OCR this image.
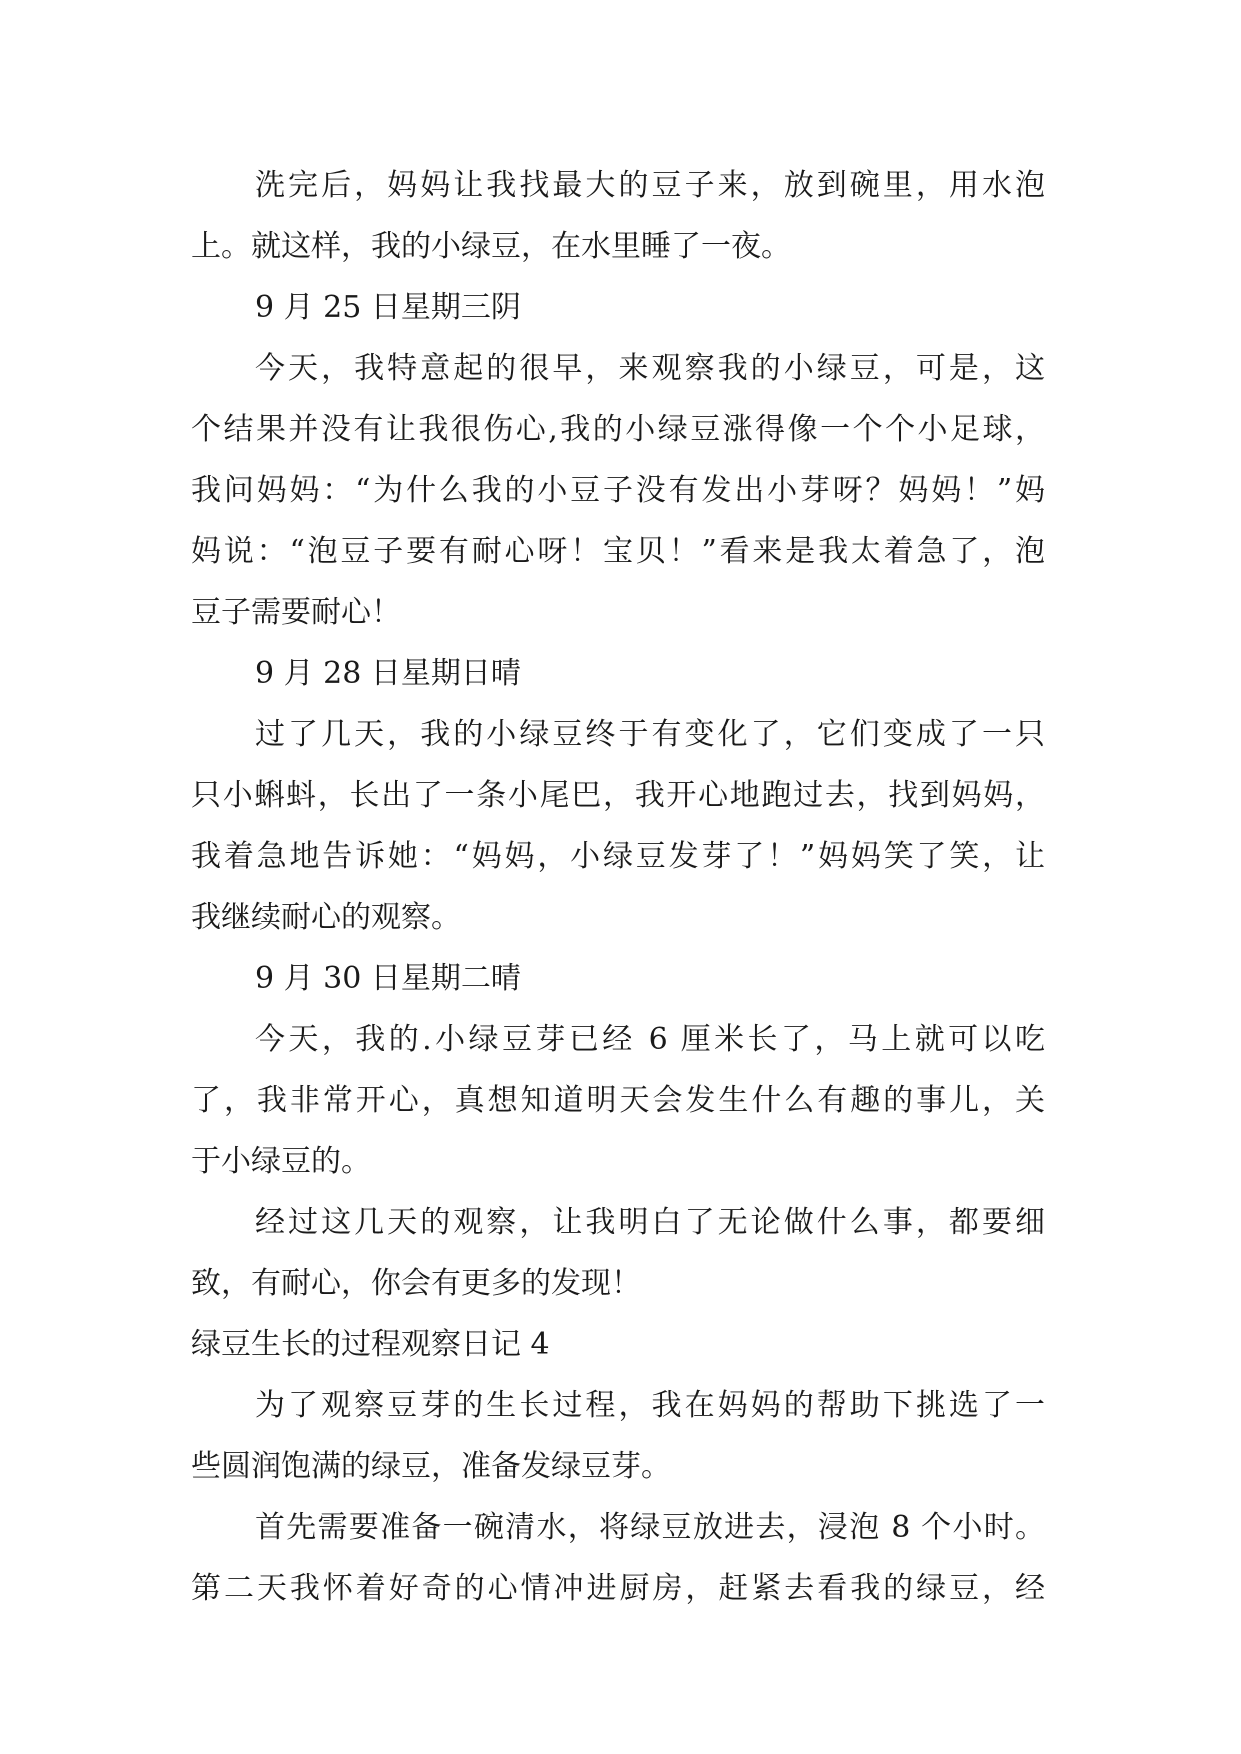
洗完后，妈妈让我找最大的豆子来，放到碗里，用水泡
上。就这样，我的小绿豆，在水里睡了一夜。
9 月 25 日星期三阴
今天，我特意起的很早，来观察我的小绿豆，可是，这
个结果并没有让我很伤心,我的小绿豆涨得像一个个小足球，
我问妈妈：“为什么我的小豆子没有发出小芽呀？妈妈！”妈
妈说：“泡豆子要有耐心呀！宝贝！”看来是我太着急了，泡
豆子需要耐心！
9 月 28 日星期日晴
过了几天，我的小绿豆终于有变化了，它们变成了一只
只小蝌蚪，长出了一条小尾巴，我开心地跑过去，找到妈妈，
我着急地告诉她：“妈妈，小绿豆发芽了！”妈妈笑了笑，让
我继续耐心的观察。
9 月 30 日星期二晴
今天，我的.小绿豆芽已经 6 厘米长了，马上就可以吃
了，我非常开心，真想知道明天会发生什么有趣的事儿，关
于小绿豆的。
经过这几天的观察，让我明白了无论做什么事，都要细
致，有耐心，你会有更多的发现！
绿豆生长的过程观察日记 4
为了观察豆芽的生长过程，我在妈妈的帮助下挑选了一
些圆润饱满的绿豆，准备发绿豆芽。
首先需要准备一碗清水，将绿豆放进去，浸泡 8 个小时。
第二天我怀着好奇的心情冲进厨房，赶紧去看我的绿豆，经
